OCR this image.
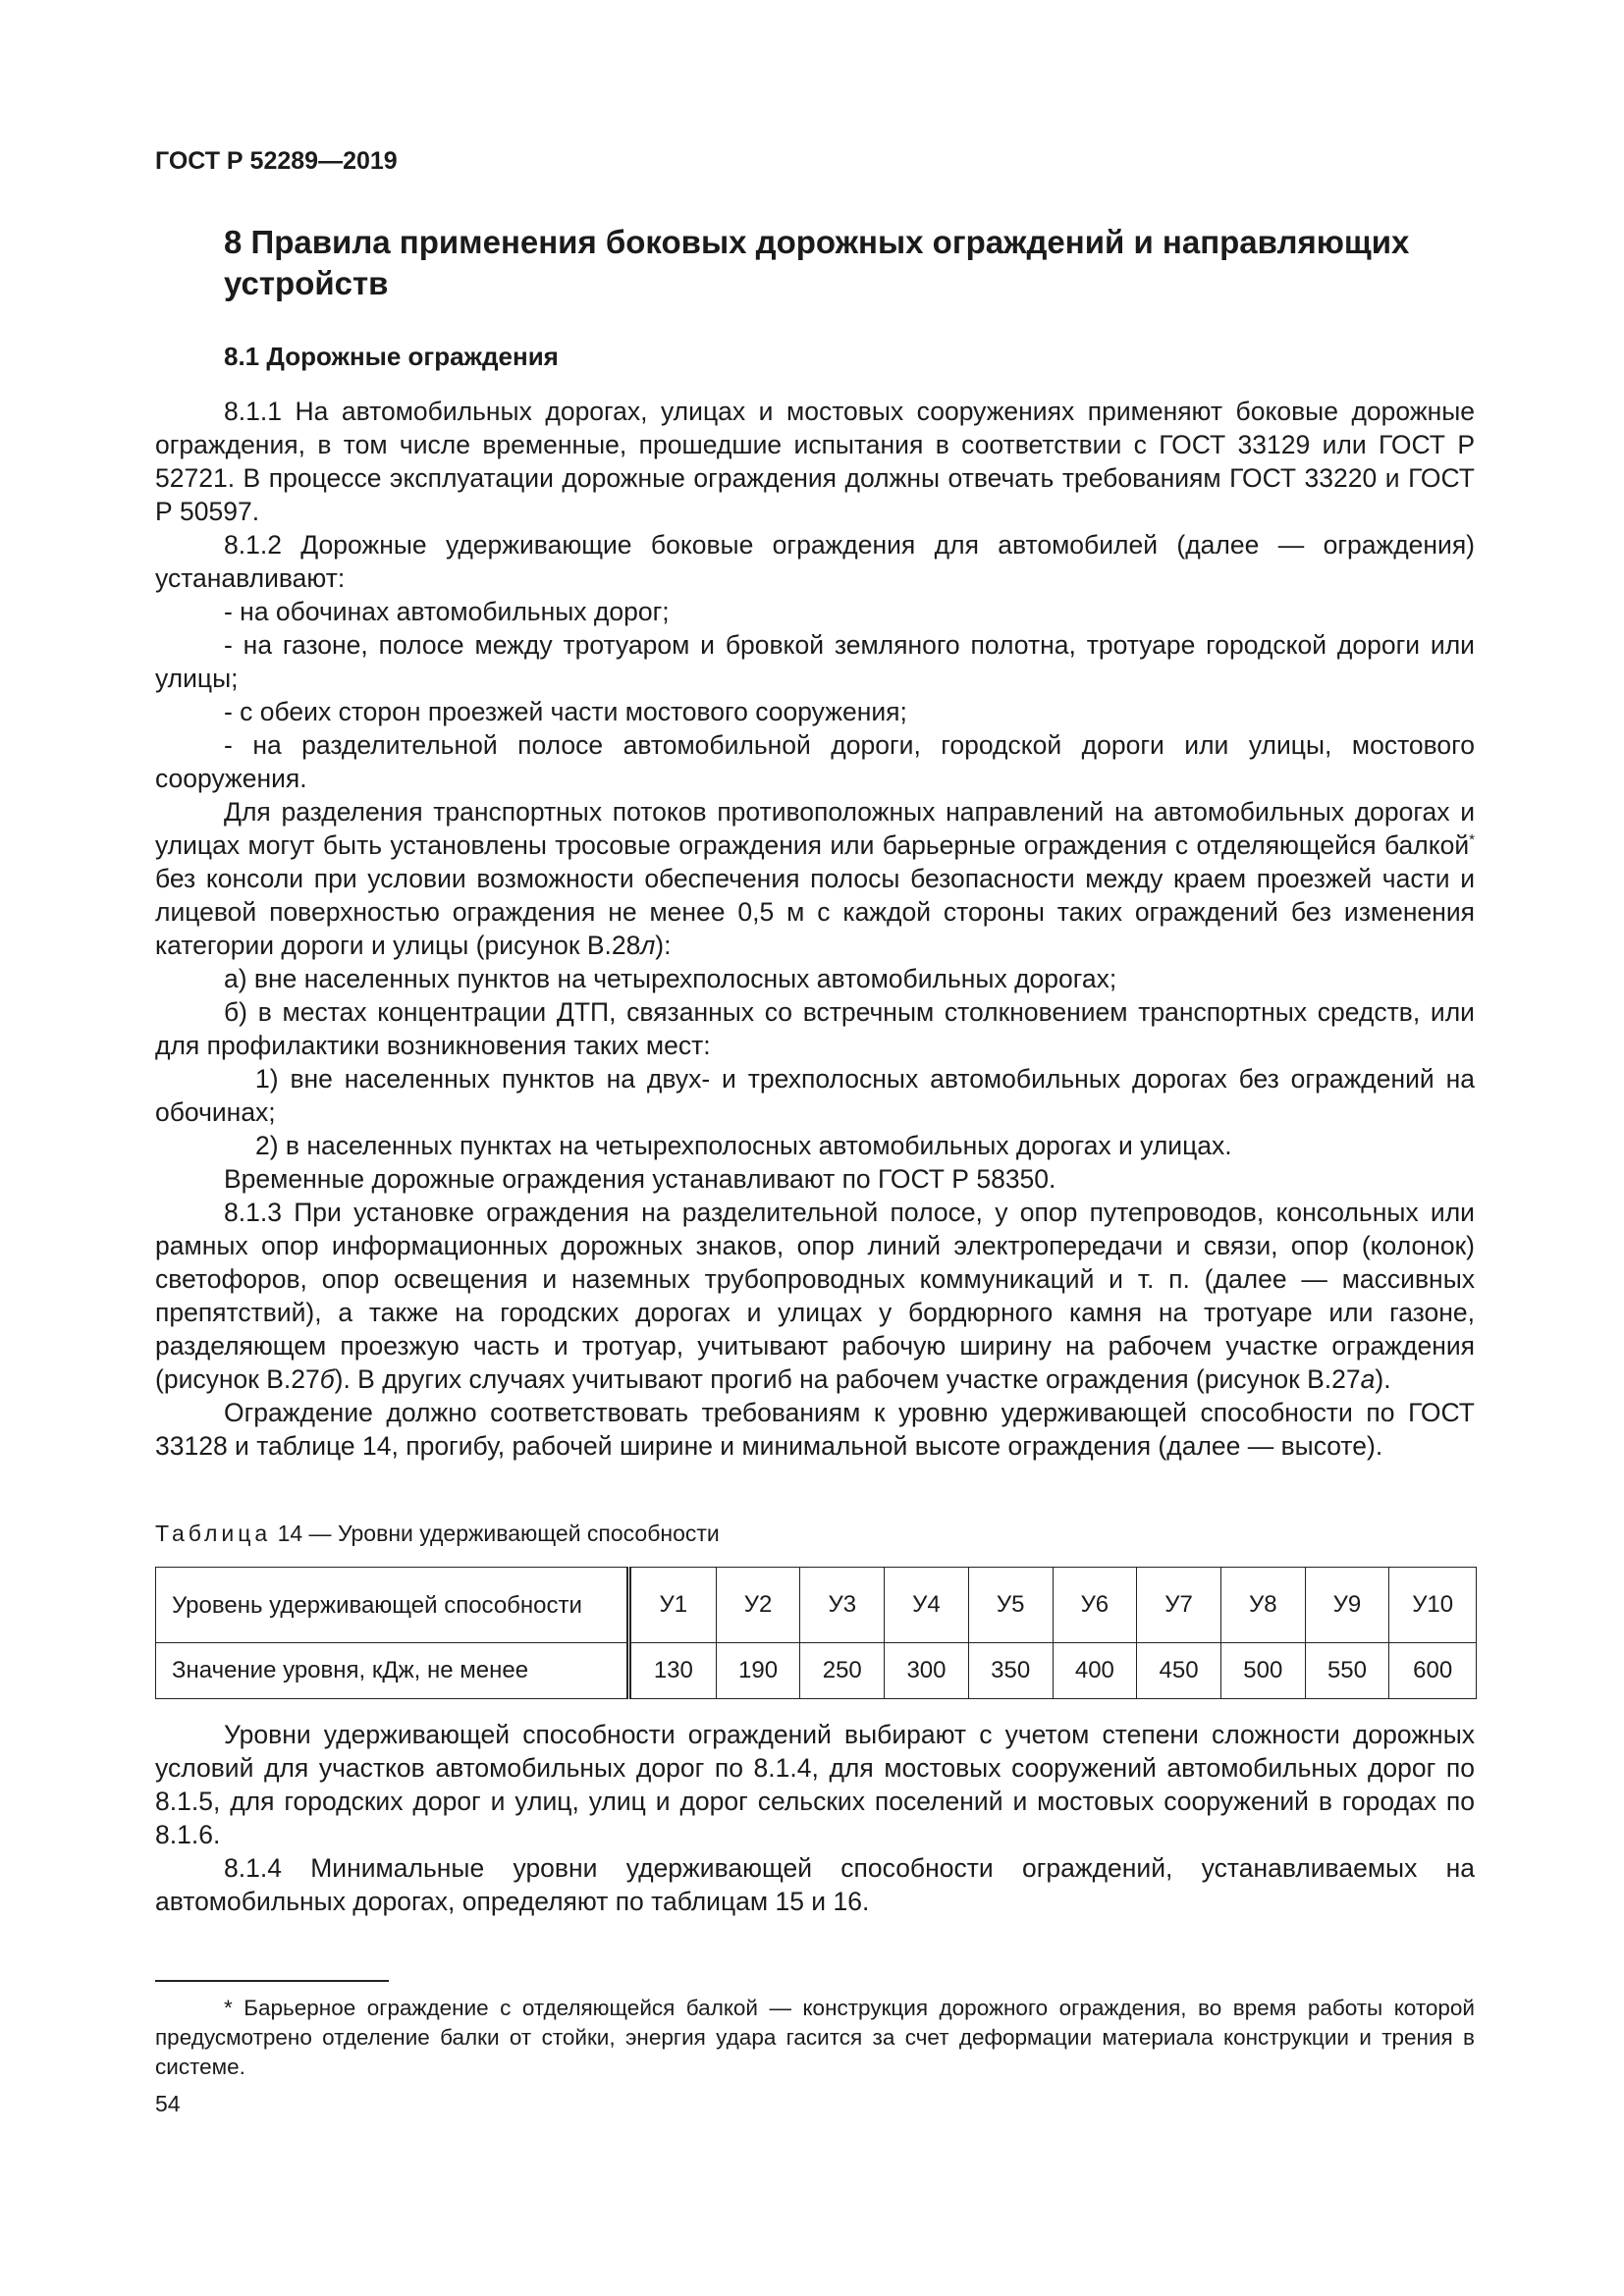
ГОСТ Р 52289—2019
8 Правила применения боковых дорожных ограждений и направляющих устройств
8.1 Дорожные ограждения

8.1.1 На автомобильных дорогах, улицах и мостовых сооружениях применяют боковые дорожные ограждения, в том числе временные, прошедшие испытания в соответствии с ГОСТ 33129 или ГОСТ Р 52721. В процессе эксплуатации дорожные ограждения должны отвечать требованиям ГОСТ 33220 и ГОСТ Р 50597.

8.1.2 Дорожные удерживающие боковые ограждения для автомобилей (далее — ограждения) устанавливают:

- на обочинах автомобильных дорог;

- на газоне, полосе между тротуаром и бровкой земляного полотна, тротуаре городской дороги или улицы;

- с обеих сторон проезжей части мостового сооружения;

- на разделительной полосе автомобильной дороги, городской дороги или улицы, мостового сооружения.

Для разделения транспортных потоков противоположных направлений на автомобильных дорогах и улицах могут быть установлены тросовые ограждения или барьерные ограждения с отделяющейся балкой* без консоли при условии возможности обеспечения полосы безопасности между краем проезжей части и лицевой поверхностью ограждения не менее 0,5 м с каждой стороны таких ограждений без изменения категории дороги и улицы (рисунок В.28л):

а) вне населенных пунктов на четырехполосных автомобильных дорогах;

б) в местах концентрации ДТП, связанных со встречным столкновением транспортных средств, или для профилактики возникновения таких мест:

1) вне населенных пунктов на двух- и трехполосных автомобильных дорогах без ограждений на обочинах;

2) в населенных пунктах на четырехполосных автомобильных дорогах и улицах.

Временные дорожные ограждения устанавливают по ГОСТ Р 58350.

8.1.3 При установке ограждения на разделительной полосе, у опор путепроводов, консольных или рамных опор информационных дорожных знаков, опор линий электропередачи и связи, опор (колонок) светофоров, опор освещения и наземных трубопроводных коммуникаций и т. п. (далее — массивных препятствий), а также на городских дорогах и улицах у бордюрного камня на тротуаре или газоне, разделяющем проезжую часть и тротуар, учитывают рабочую ширину на рабочем участке ограждения (рисунок В.27б). В других случаях учитывают прогиб на рабочем участке ограждения (рисунок В.27а).

Ограждение должно соответствовать требованиям к уровню удерживающей способности по ГОСТ 33128 и таблице 14, прогибу, рабочей ширине и минимальной высоте ограждения (далее — высоте).

Таблица 14 — Уровни удерживающей способности
Уровень удерживающей способности	У1	У2	У3	У4	У5	У6	У7	У8	У9	У10
Значение уровня, кДж, не менее	130	190	250	300	350	400	450	500	550	600

Уровни удерживающей способности ограждений выбирают с учетом степени сложности дорожных условий для участков автомобильных дорог по 8.1.4, для мостовых сооружений автомобильных дорог по 8.1.5, для городских дорог и улиц, улиц и дорог сельских поселений и мостовых сооружений в городах по 8.1.6.

8.1.4 Минимальные уровни удерживающей способности ограждений, устанавливаемых на автомобильных дорогах, определяют по таблицам 15 и 16.

* Барьерное ограждение с отделяющейся балкой — конструкция дорожного ограждения, во время работы которой предусмотрено отделение балки от стойки, энергия удара гасится за счет деформации материала конструкции и трения в системе.

54
